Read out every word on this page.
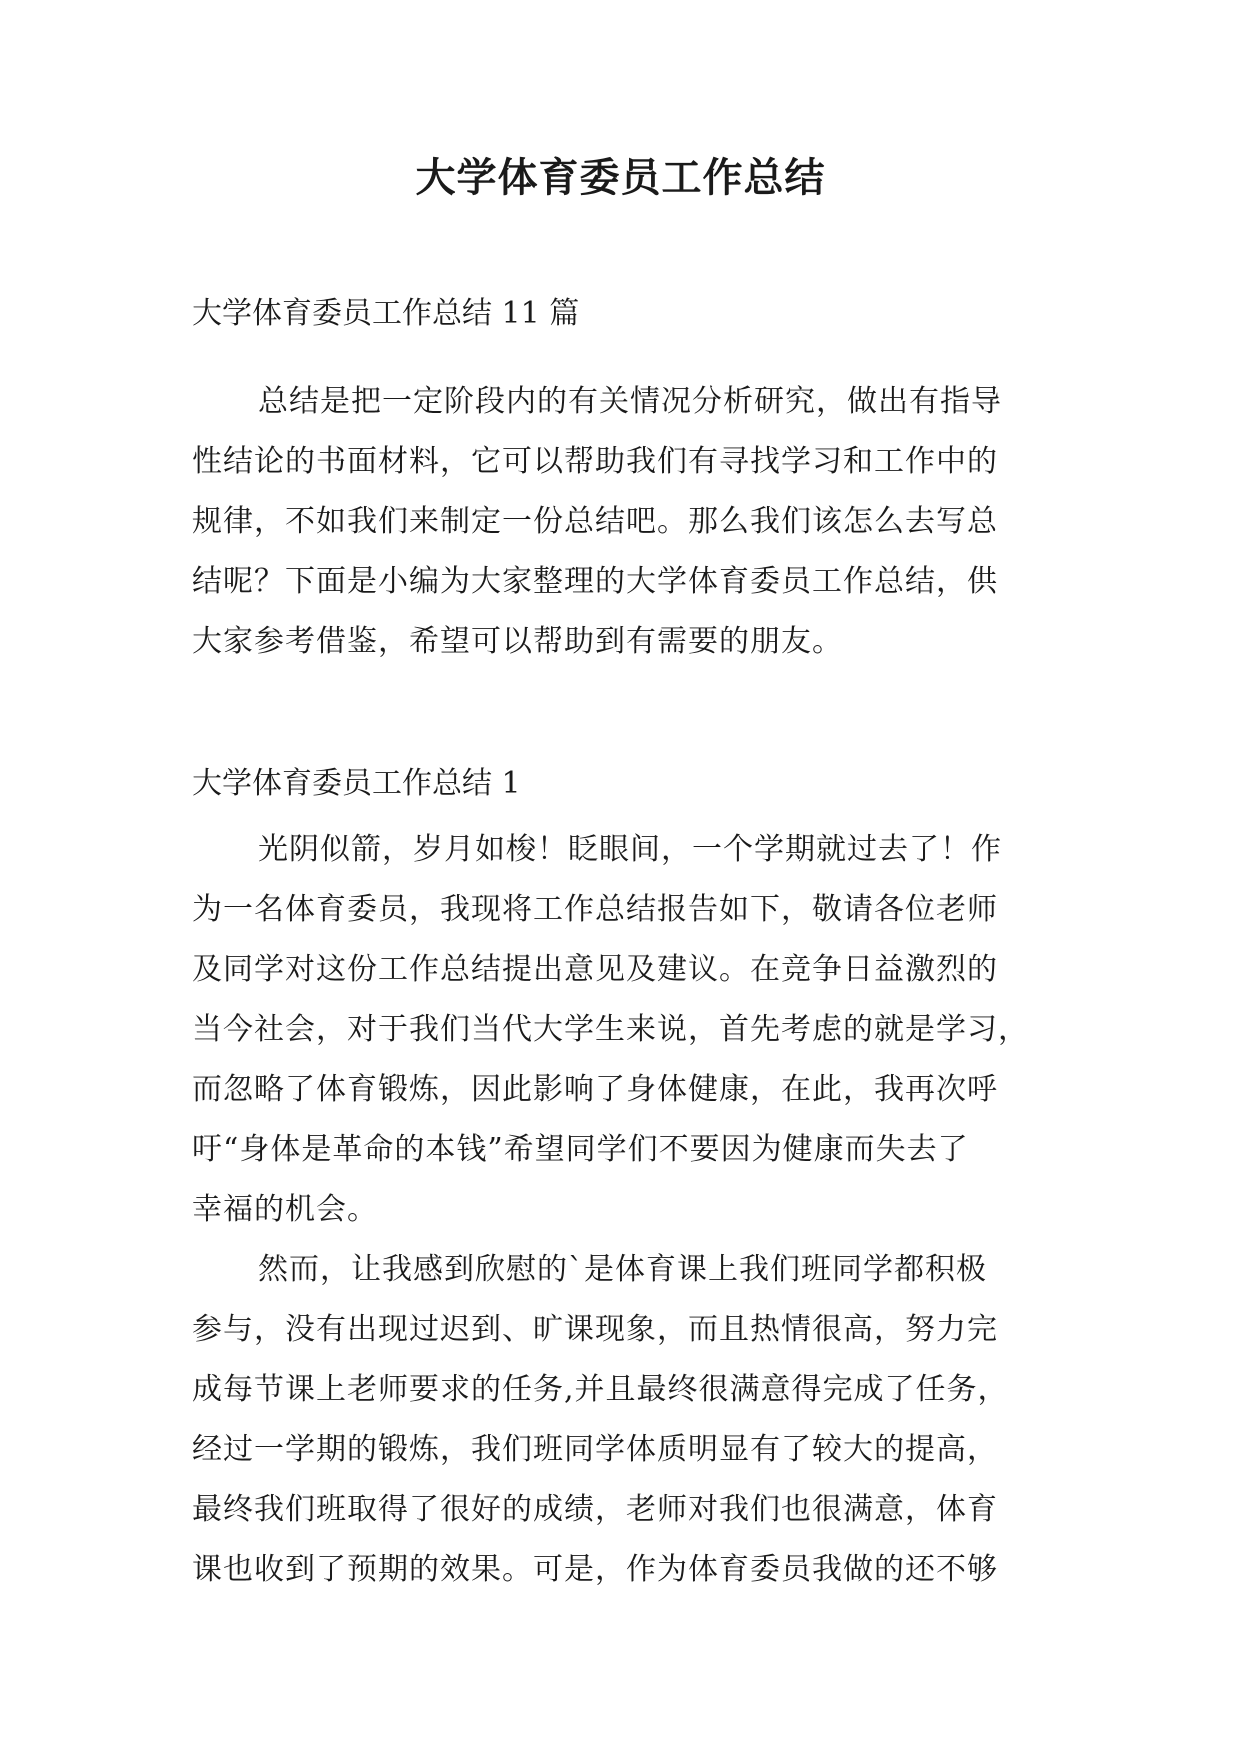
大学体育委员工作总结

大学体育委员工作总结 11 篇

总结是把一定阶段内的有关情况分析研究，做出有指导
性结论的书面材料，它可以帮助我们有寻找学习和工作中的
规律，不如我们来制定一份总结吧。那么我们该怎么去写总
结呢？下面是小编为大家整理的大学体育委员工作总结，供
大家参考借鉴，希望可以帮助到有需要的朋友。

大学体育委员工作总结 1

光阴似箭，岁月如梭！眨眼间，一个学期就过去了！作
为一名体育委员，我现将工作总结报告如下，敬请各位老师
及同学对这份工作总结提出意见及建议。在竞争日益激烈的
当今社会，对于我们当代大学生来说，首先考虑的就是学习，
而忽略了体育锻炼，因此影响了身体健康，在此，我再次呼
吁“身体是革命的本钱”希望同学们不要因为健康而失去了
幸福的机会。
然而，让我感到欣慰的`是体育课上我们班同学都积极
参与，没有出现过迟到、旷课现象，而且热情很高，努力完
成每节课上老师要求的任务,并且最终很满意得完成了任务，
经过一学期的锻炼，我们班同学体质明显有了较大的提高，
最终我们班取得了很好的成绩，老师对我们也很满意，体育
课也收到了预期的效果。可是，作为体育委员我做的还不够
